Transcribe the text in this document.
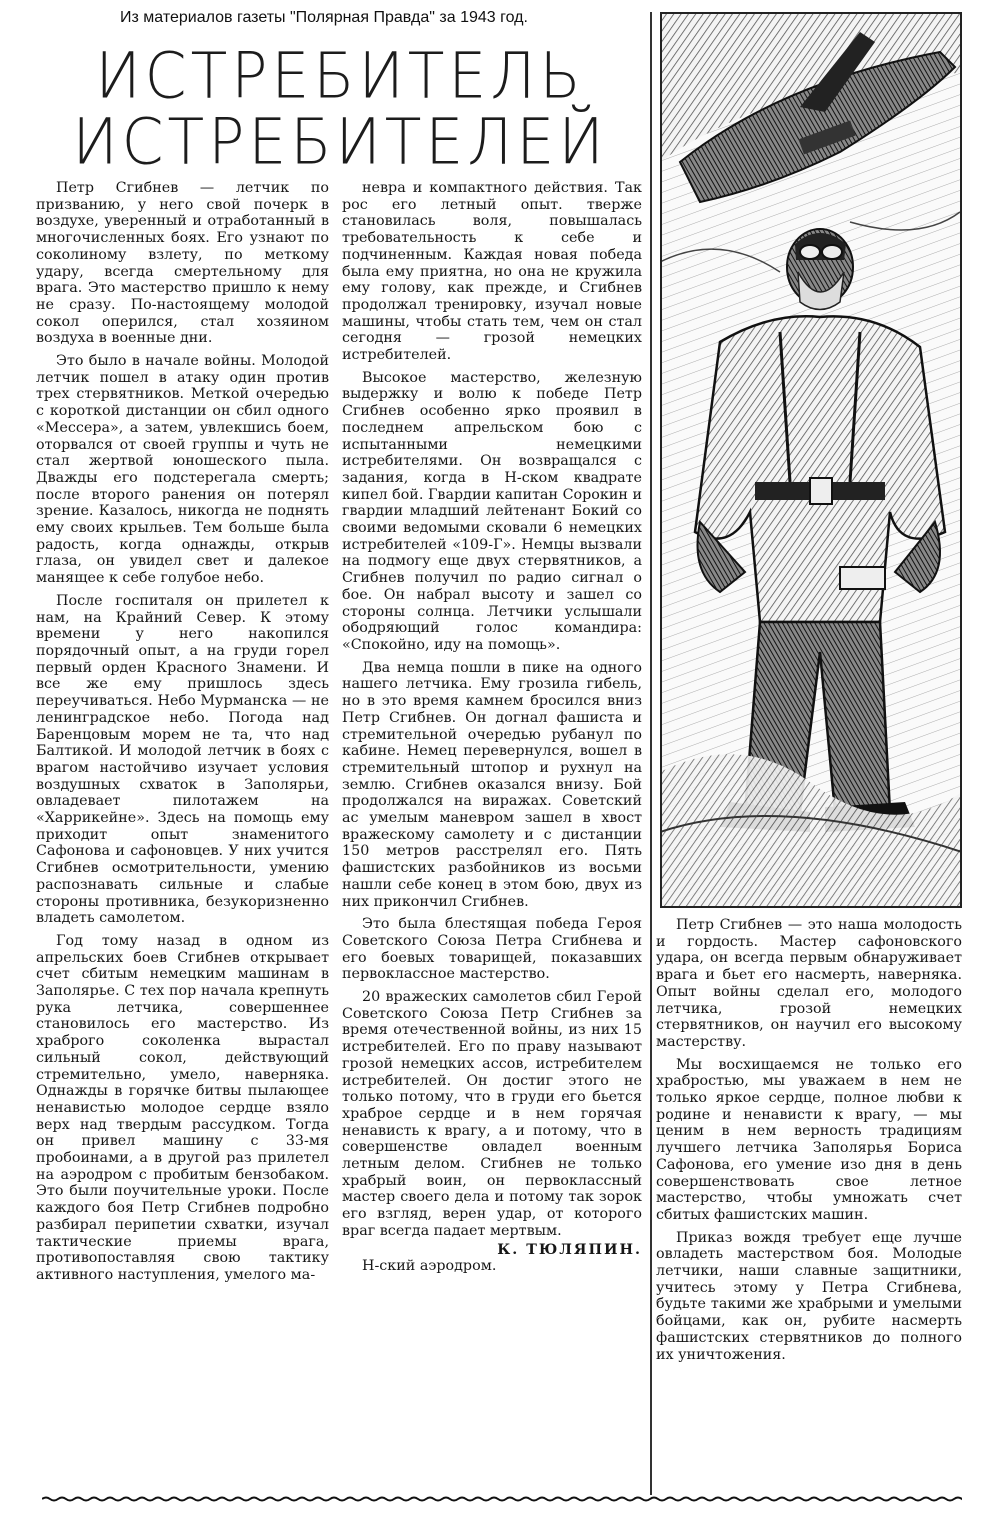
Из материалов газеты "Полярная Правда" за 1943 год.
ИСТРЕБИТЕЛЬ
ИСТРЕБИТЕЛЕЙ

Петр Сгибнев — летчик по призванию, у него свой почерк в воздухе, уверенный и отработанный в многочисленных боях. Его узнают по соколиному взлету, по меткому удару, всегда смертельному для врага. Это мастерство пришло к нему не сразу. По-настоящему молодой сокол оперился, стал хозяином воздуха в военные дни.

Это было в начале войны. Молодой летчик пошел в атаку один против трех стервятников. Меткой очередью с короткой дистанции он сбил одного «Мессера», а затем, увлекшись боем, оторвался от своей группы и чуть не стал жертвой юношеского пыла. Дважды его подстерегала смерть; после второго ранения он потерял зрение. Казалось, никогда не поднять ему своих крыльев. Тем больше была радость, когда однажды, открыв глаза, он увидел свет и далекое манящее к себе голубое небо.

После госпиталя он прилетел к нам, на Крайний Север. К этому времени у него накопился порядочный опыт, а на груди горел первый орден Красного Знамени. И все же ему пришлось здесь переучиваться. Небо Мурманска — не ленинградское небо. Погода над Баренцовым морем не та, что над Балтикой. И молодой летчик в боях с врагом настойчиво изучает условия воздушных схваток в Заполярьи, овладевает пилотажем на «Харрикейне». Здесь на помощь ему приходит опыт знаменитого Сафонова и сафоновцев. У них учится Сгибнев осмотрительности, умению распознавать сильные и слабые стороны противника, безукоризненно владеть самолетом.

Год тому назад в одном из апрельских боев Сгибнев открывает счет сбитым немецким машинам в Заполярье. С тех пор начала крепнуть рука летчика, совершеннее становилось его мастерство. Из храброго соколенка вырастал сильный сокол, действующий стремительно, умело, наверняка. Однажды в горячке битвы пылающее ненавистью молодое сердце взяло верх над твердым рассудком. Тогда он привел машину с 33-мя пробоинами, а в другой раз прилетел на аэродром с пробитым бензобаком. Это были поучительные уроки. После каждого боя Петр Сгибнев подробно разбирал перипетии схватки, изучал тактические приемы врага, противопоставляя свою тактику активного наступления, умелого ма-

невра и компактного действия. Так рос его летный опыт. тверже становилась воля, повышалась требовательность к себе и подчиненным. Каждая новая победа была ему приятна, но она не кружила ему голову, как прежде, и Сгибнев продолжал тренировку, изучал новые машины, чтобы стать тем, чем он стал сегодня — грозой немецких истребителей.

Высокое мастерство, железную выдержку и волю к победе Петр Сгибнев особенно ярко проявил в последнем апрельском бою с испытанными немецкими истребителями. Он возвращался с задания, когда в Н-ском квадрате кипел бой. Гвардии капитан Сорокин и гвардии младший лейтенант Бокий со своими ведомыми сковали 6 немецких истребителей «109-Г». Немцы вызвали на подмогу еще двух стервятников, а Сгибнев получил по радио сигнал о бое. Он набрал высоту и зашел со стороны солнца. Летчики услышали ободряющий голос командира: «Спокойно, иду на помощь».

Два немца пошли в пике на одного нашего летчика. Ему грозила гибель, но в это время камнем бросился вниз Петр Сгибнев. Он догнал фашиста и стремительной очередью рубанул по кабине. Немец перевернулся, вошел в стремительный штопор и рухнул на землю. Сгибнев оказался внизу. Бой продолжался на виражах. Советский ас умелым маневром зашел в хвост вражескому самолету и с дистанции 150 метров расстрелял его. Пять фашистских разбойников из восьми нашли себе конец в этом бою, двух из них прикончил Сгибнев.

Это была блестящая победа Героя Советского Союза Петра Сгибнева и его боевых товарищей, показавших первоклассное мастерство.

20 вражеских самолетов сбил Герой Советского Союза Петр Сгибнев за время отечественной войны, из них 15 истребителей. Его по праву называют грозой немецких ассов, истребителем истребителей. Он достиг этого не только потому, что в груди его бьется храброе сердце и в нем горячая ненависть к врагу, а и потому, что в совершенстве овладел военным летным делом. Сгибнев не только храбрый воин, он первоклассный мастер своего дела и потому так зорок его взгляд, верен удар, от которого враг всегда падает мертвым.

К. ТЮЛЯПИН.
Н-ский аэродром.

Петр Сгибнев — это наша молодость и гордость. Мастер сафоновского удара, он всегда первым обнаруживает врага и бьет его насмерть, наверняка. Опыт войны сделал его, молодого летчика, грозой немецких стервятников, он научил его высокому мастерству.

Мы восхищаемся не только его храбростью, мы уважаем в нем не только яркое сердце, полное любви к родине и ненависти к врагу, — мы ценим в нем верность традициям лучшего летчика Заполярья Бориса Сафонова, его умение изо дня в день совершенствовать свое летное мастерство, чтобы умножать счет сбитых фашистских машин.

Приказ вождя требует еще лучше овладеть мастерством боя. Молодые летчики, наши славные защитники, учитесь этому у Петра Сгибнева, будьте такими же храбрыми и умелыми бойцами, как он, рубите насмерть фашистских стервятников до полного их уничтожения.
